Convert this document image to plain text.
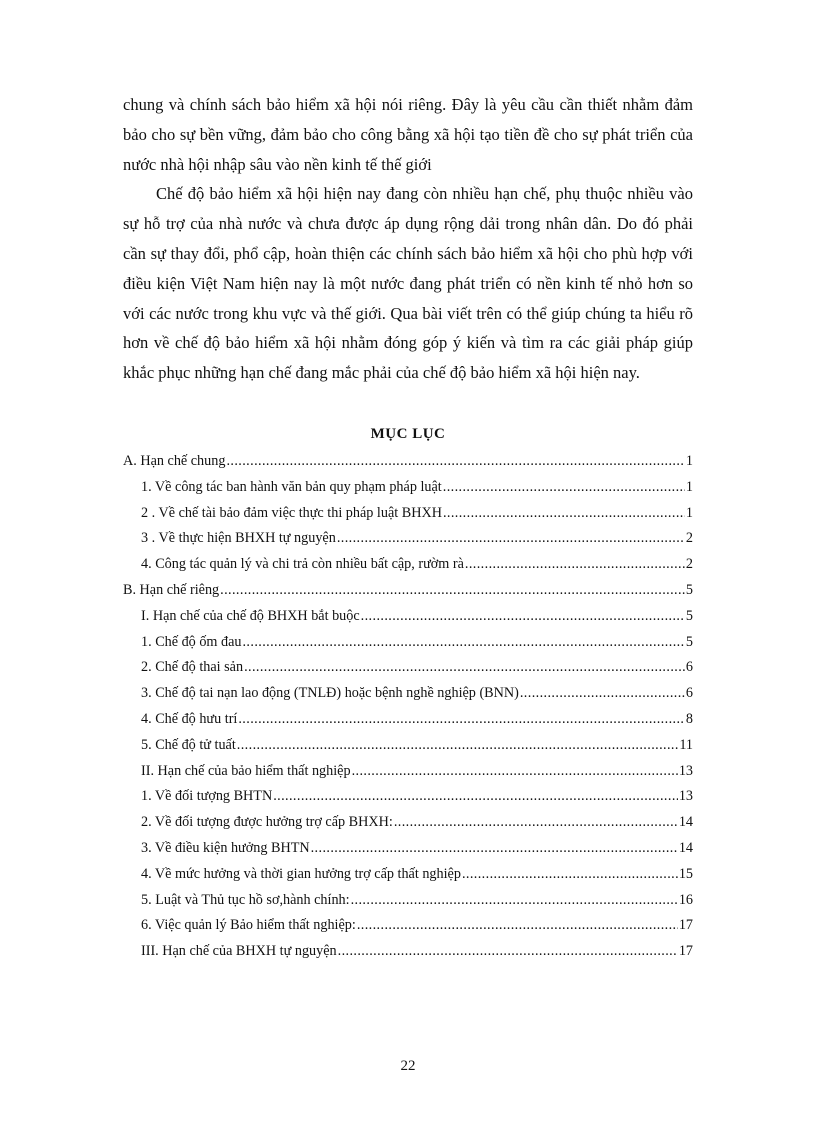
chung và chính sách bảo hiểm xã hội nói riêng. Đây là yêu cầu cần thiết nhằm đảm bảo cho sự bền vững, đảm bảo cho công bằng xã hội tạo tiền đề cho sự phát triển của nước nhà hội nhập sâu vào nền kinh tế thế giới

Chế độ bảo hiểm xã hội hiện nay đang còn nhiều hạn chế, phụ thuộc nhiều vào sự hỗ trợ của nhà nước và chưa được áp dụng rộng dải trong nhân dân. Do đó phải cần sự thay đổi, phổ cập, hoàn thiện các chính sách bảo hiểm xã hội cho phù hợp với điều kiện Việt Nam hiện nay là một nước đang phát triển có nền kinh tế nhỏ hơn so với các nước trong khu vực và thế giới. Qua bài viết trên có thể giúp chúng ta hiểu rõ hơn về chế độ bảo hiểm xã hội nhằm đóng góp ý kiến và tìm ra các giải pháp giúp khắc phục những hạn chế đang mắc phải của chế độ bảo hiểm xã hội hiện nay.

MỤC LỤC
A. Hạn chế chung .....	1
1. Về công tác ban hành văn bản quy phạm pháp luật .....	1
2 . Về chế tài bảo đảm việc thực thi pháp luật BHXH .....	1
3 . Về thực hiện BHXH tự nguyện .....	2
4. Công tác quản lý và chi trả còn nhiều bất cập, rườm rà .....	2
B. Hạn chế riêng .....	5
I. Hạn chế của chế độ BHXH bắt buộc .....	5
1. Chế độ ốm đau .....	5
2. Chế độ thai sản .....	6
3. Chế độ tai nạn lao động (TNLĐ) hoặc bệnh nghề nghiệp (BNN) .....	6
4. Chế độ hưu trí .....	8
5. Chế độ tử tuất .....	11
II. Hạn chế của bảo hiểm thất nghiệp .....	13
1. Về đối tượng BHTN .....	13
2. Về đối tượng được hưởng trợ cấp BHXH: .....	14
3. Về điều kiện hưởng BHTN .....	14
4. Về mức hưởng và thời gian hưởng trợ cấp thất nghiệp .....	15
5. Luật và Thủ tục hồ sơ,hành chính: .....	16
6. Việc quản lý Bảo hiểm thất nghiệp: .....	17
III. Hạn chế của BHXH tự nguyện .....	17
22
